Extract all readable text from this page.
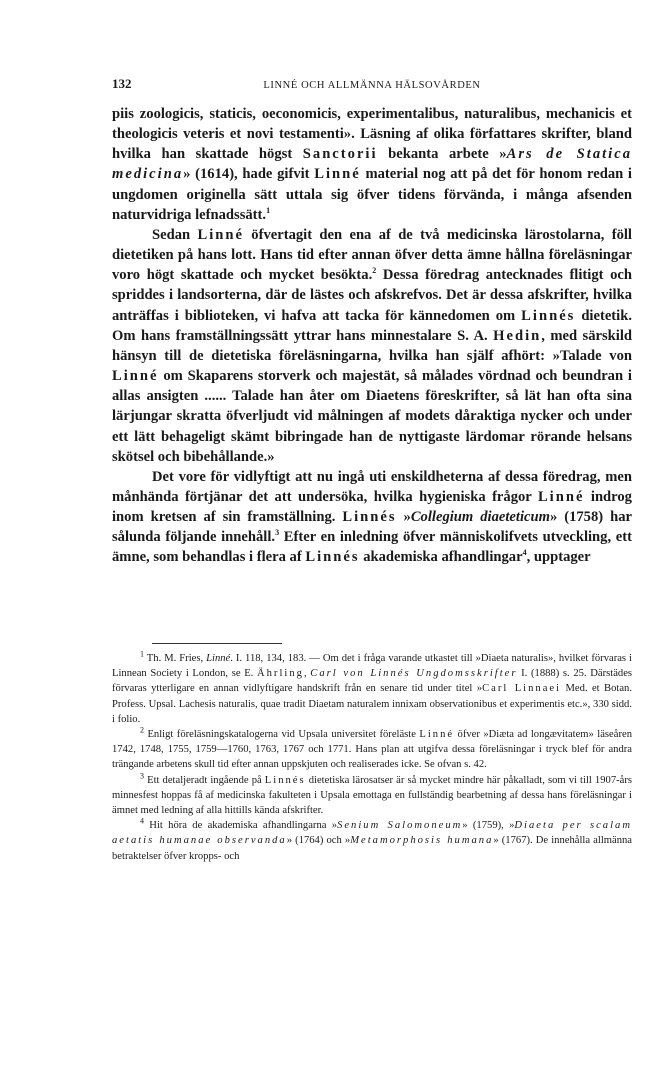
132	LINNÉ OCH ALLMÄNNA HÄLSOVÅRDEN

piis zoologicis, staticis, oeconomicis, experimentalibus, naturalibus, mechanicis et theologicis veteris et novi testamenti». Läsning af olika författares skrifter, bland hvilka han skattade högst Sanctorii bekanta arbete »Ars de Statica medicina» (1614), hade gifvit Linné material nog att på det för honom redan i ungdomen originella sätt uttala sig öfver tidens förvända, i många afsenden naturvidriga lefnadssätt.$^1$

Sedan Linné öfvertagit den ena af de två medicinska lärostolarna, föll dietetiken på hans lott. Hans tid efter annan öfver detta ämne hållna föreläsningar voro högt skattade och mycket besökta.$^2$ Dessa föredrag antecknades flitigt och spriddes i landsorterna, där de lästes och afskrefvos. Det är dessa afskrifter, hvilka anträffas i biblioteken, vi hafva att tacka för kännedomen om Linnés dietetik. Om hans framställningssätt yttrar hans minnestalare S. A. Hedin, med särskild hänsyn till de dietetiska föreläsningarna, hvilka han själf afhört: »Talade von Linné om Skaparens storverk och majestät, så målades vördnad och beundran i allas ansigten ...... Talade han åter om Diaetens föreskrifter, så lät han ofta sina lärjungar skratta öfverljudt vid målningen af modets dåraktiga nycker och under ett lätt behageligt skämt bibringade han de nyttigaste lärdomar rörande helsans skötsel och bibehållande.»

Det vore för vidlyftigt att nu ingå uti enskildheterna af dessa föredrag, men månhända förtjänar det att undersöka, hvilka hygieniska frågor Linné indrog inom kretsen af sin framställning. Linnés »Collegium diaeteticum» (1758) har sålunda följande innehåll.$^3$ Efter en inledning öfver människolifvets utveckling, ett ämne, som behandlas i flera af Linnés akademiska afhandlingar$^4$, upptager

$^1$ Th. M. Fries, Linné. I. 118, 134, 183. — Om det i fråga varande utkastet till »Diaeta naturalis», hvilket förvaras i Linnean Society i London, se E. Ährling, Carl von Linnés Ungdomsskrifter I. (1888) s. 25. Därstädes förvaras ytterligare en annan vidlyftigare handskrift från en senare tid under titel »Carl Linnaei Med. et Botan. Profess. Upsal. Lachesis naturalis, quae tradit Diaetam naturalem innixam observationibus et experimentis etc.», 330 sidd. i folio.

$^2$ Enligt föreläsningskatalogerna vid Upsala universitet föreläste Linné öfver »Diæta ad longævitatem» läseåren 1742, 1748, 1755, 1759—1760, 1763, 1767 och 1771. Hans plan att utgifva dessa föreläsningar i tryck blef för andra trängande arbetens skull tid efter annan uppskjuten och realiserades icke. Se ofvan s. 42.

$^3$ Ett detaljeradt ingående på Linnés dietetiska lärosatser är så mycket mindre här påkalladt, som vi till 1907-års minnesfest hoppas få af medicinska fakulteten i Upsala emottaga en fullständig bearbetning af dessa hans föreläsningar i ämnet med ledning af alla hittills kända afskrifter.

$^4$ Hit höra de akademiska afhandlingarna »Senium Salomoneum» (1759), »Diaeta per scalam aetatis humanae observanda» (1764) och »Metamorphosis humana» (1767). De innehålla allmänna betraktelser öfver kropps- och
